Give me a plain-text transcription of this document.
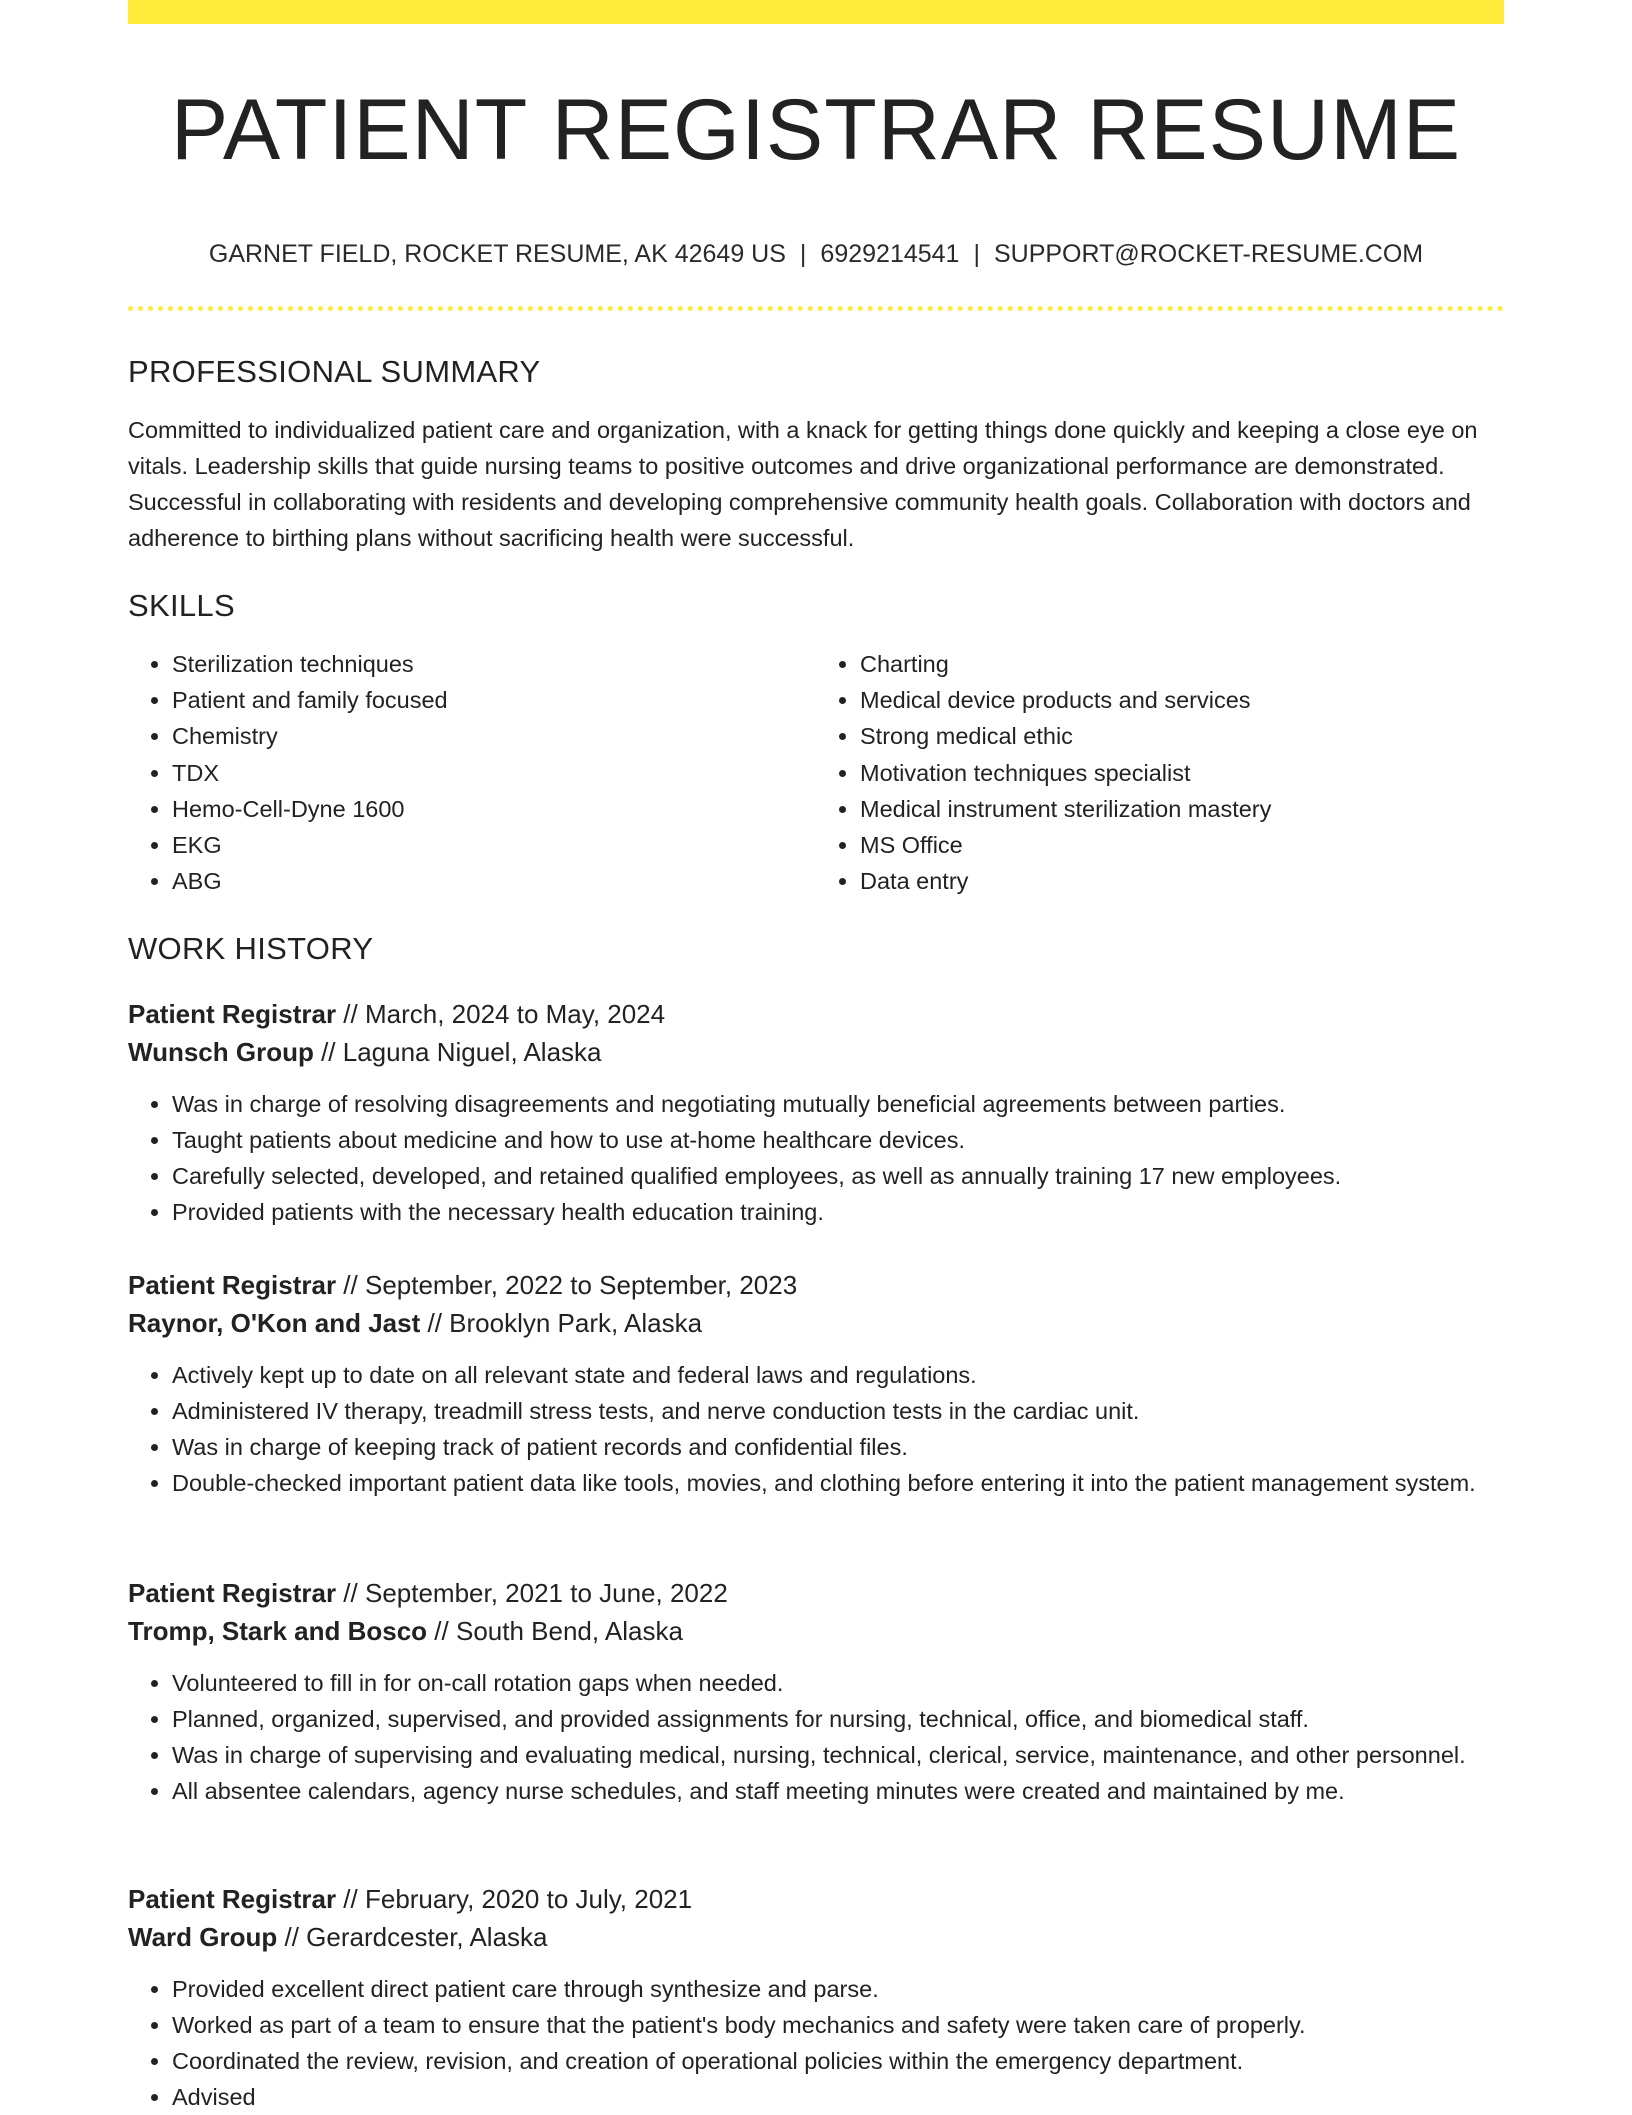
PATIENT REGISTRAR RESUME
GARNET FIELD, ROCKET RESUME, AK 42649 US | 6929214541 | SUPPORT@ROCKET-RESUME.COM
PROFESSIONAL SUMMARY

Committed to individualized patient care and organization, with a knack for getting things done quickly and keeping a close eye on vitals. Leadership skills that guide nursing teams to positive outcomes and drive organizational performance are demonstrated. Successful in collaborating with residents and developing comprehensive community health goals. Collaboration with doctors and adherence to birthing plans without sacrificing health were successful.

SKILLS
• Sterilization techniques
• Patient and family focused
• Chemistry
• TDX
• Hemo-Cell-Dyne 1600
• EKG
• ABG
• Charting
• Medical device products and services
• Strong medical ethic
• Motivation techniques specialist
• Medical instrument sterilization mastery
• MS Office
• Data entry
WORK HISTORY
Patient Registrar // March, 2024 to May, 2024
Wunsch Group // Laguna Niguel, Alaska
• Was in charge of resolving disagreements and negotiating mutually beneficial agreements between parties.
• Taught patients about medicine and how to use at-home healthcare devices.
• Carefully selected, developed, and retained qualified employees, as well as annually training 17 new employees.
• Provided patients with the necessary health education training.
Patient Registrar // September, 2022 to September, 2023
Raynor, O'Kon and Jast // Brooklyn Park, Alaska
• Actively kept up to date on all relevant state and federal laws and regulations.
• Administered IV therapy, treadmill stress tests, and nerve conduction tests in the cardiac unit.
• Was in charge of keeping track of patient records and confidential files.
• Double-checked important patient data like tools, movies, and clothing before entering it into the patient management system.
Patient Registrar // September, 2021 to June, 2022
Tromp, Stark and Bosco // South Bend, Alaska
• Volunteered to fill in for on-call rotation gaps when needed.
• Planned, organized, supervised, and provided assignments for nursing, technical, office, and biomedical staff.
• Was in charge of supervising and evaluating medical, nursing, technical, clerical, service, maintenance, and other personnel.
• All absentee calendars, agency nurse schedules, and staff meeting minutes were created and maintained by me.
Patient Registrar // February, 2020 to July, 2021
Ward Group // Gerardcester, Alaska
• Provided excellent direct patient care through synthesize and parse.
• Worked as part of a team to ensure that the patient's body mechanics and safety were taken care of properly.
• Coordinated the review, revision, and creation of operational policies within the emergency department.
• Advised
